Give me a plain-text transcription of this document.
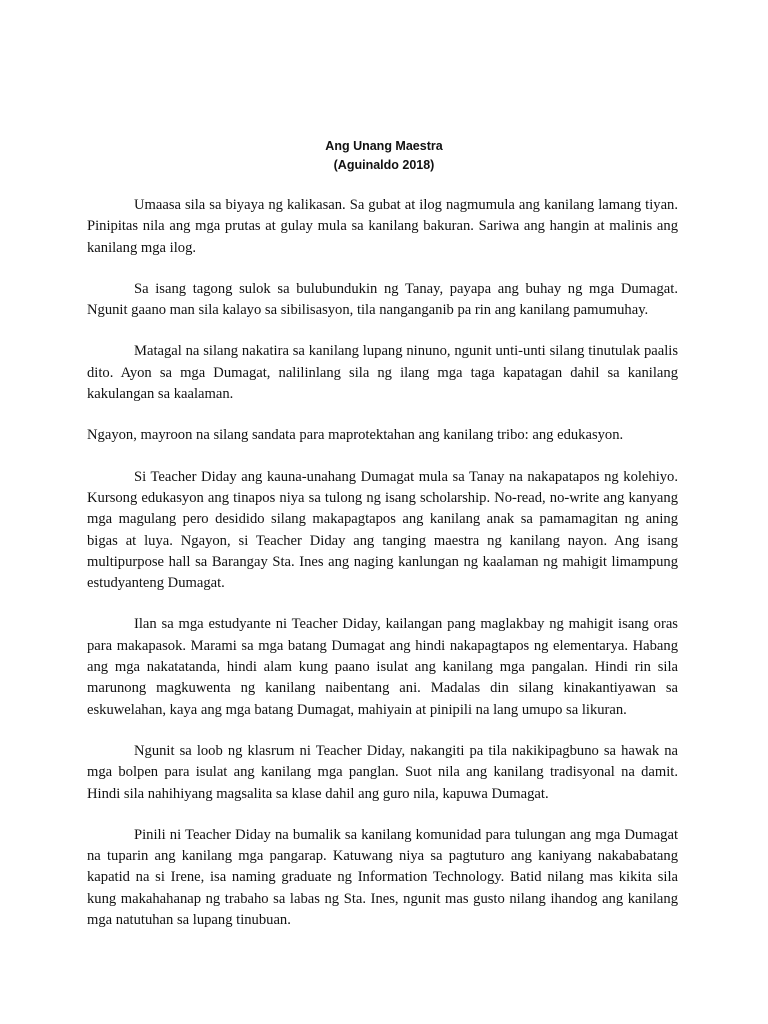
Ang Unang Maestra
(Aguinaldo 2018)

Umaasa sila sa biyaya ng kalikasan. Sa gubat at ilog nagmumula ang kanilang lamang tiyan. Pinipitas nila ang mga prutas at gulay mula sa kanilang bakuran. Sariwa ang hangin at malinis ang kanilang mga ilog.

Sa isang tagong sulok sa bulubundukin ng Tanay, payapa ang buhay ng mga Dumagat. Ngunit gaano man sila kalayo sa sibilisasyon, tila nanganganib pa rin ang kanilang pamumuhay.

Matagal na silang nakatira sa kanilang lupang ninuno, ngunit unti-unti silang tinutulak paalis dito. Ayon sa mga Dumagat, nalilinlang sila ng ilang mga taga kapatagan dahil sa kanilang kakulangan sa kaalaman.

Ngayon, mayroon na silang sandata para maprotektahan ang kanilang tribo: ang edukasyon.

Si Teacher Diday ang kauna-unahang Dumagat mula sa Tanay na nakapatapos ng kolehiyo. Kursong edukasyon ang tinapos niya sa tulong ng isang scholarship. No-read, no-write ang kanyang mga magulang pero desidido silang makapagtapos ang kanilang anak sa pamamagitan ng aning bigas at luya. Ngayon, si Teacher Diday ang tanging maestra ng kanilang nayon. Ang isang multipurpose hall sa Barangay Sta. Ines ang naging kanlungan ng kaalaman ng mahigit limampung estudyanteng Dumagat.

Ilan sa mga estudyante ni Teacher Diday, kailangan pang maglakbay ng mahigit isang oras para makapasok. Marami sa mga batang Dumagat ang hindi nakapagtapos ng elementarya. Habang ang mga nakatatanda, hindi alam kung paano isulat ang kanilang mga pangalan. Hindi rin sila marunong magkuwenta ng kanilang naibentang ani. Madalas din silang kinakantiyawan sa eskuwelahan, kaya ang mga batang Dumagat, mahiyain at pinipili na lang umupo sa likuran.

Ngunit sa loob ng klasrum ni Teacher Diday, nakangiti pa tila nakikipagbuno sa hawak na mga bolpen para isulat ang kanilang mga panglan. Suot nila ang kanilang tradisyonal na damit. Hindi sila nahihiyang magsalita sa klase dahil ang guro nila, kapuwa Dumagat.

Pinili ni Teacher Diday na bumalik sa kanilang komunidad para tulungan ang mga Dumagat na tuparin ang kanilang mga pangarap. Katuwang niya sa pagtuturo ang kaniyang nakababatang kapatid na si Irene, isa naming graduate ng Information Technology. Batid nilang mas kikita sila kung makahahanap ng trabaho sa labas ng Sta. Ines, ngunit mas gusto nilang ihandog ang kanilang mga natutuhan sa lupang tinubuan.
